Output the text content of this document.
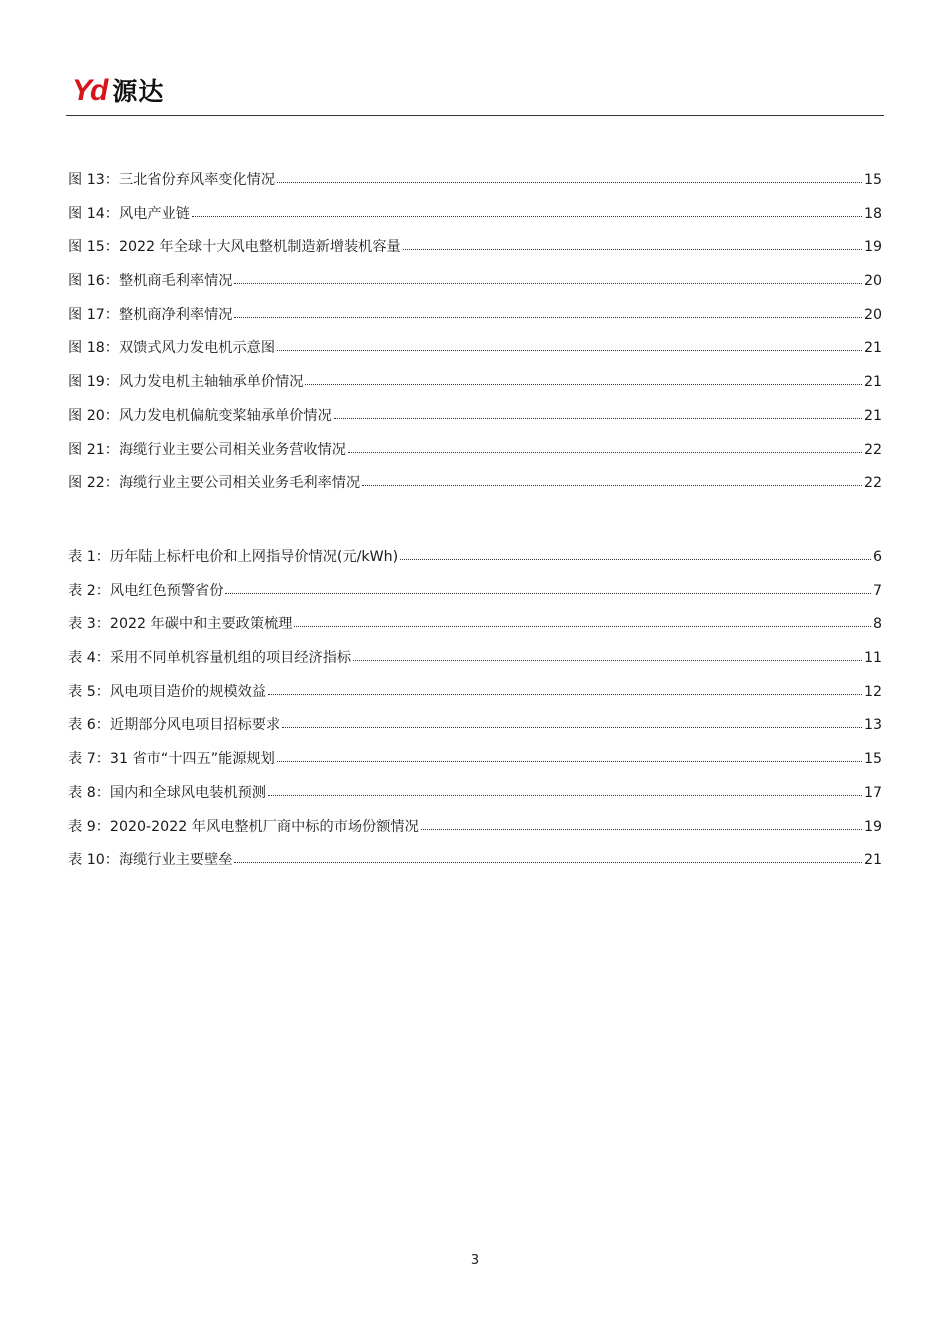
Yd 源达
图 13：三北省份弃风率变化情况	15
图 14：风电产业链	18
图 15：2022 年全球十大风电整机制造新增装机容量	19
图 16：整机商毛利率情况	20
图 17：整机商净利率情况	20
图 18：双馈式风力发电机示意图	21
图 19：风力发电机主轴轴承单价情况	21
图 20：风力发电机偏航变桨轴承单价情况	21
图 21：海缆行业主要公司相关业务营收情况	22
图 22：海缆行业主要公司相关业务毛利率情况	22
表 1：历年陆上标杆电价和上网指导价情况(元/kWh)	6
表 2：风电红色预警省份	7
表 3：2022 年碳中和主要政策梳理	8
表 4：采用不同单机容量机组的项目经济指标	11
表 5：风电项目造价的规模效益	12
表 6：近期部分风电项目招标要求	13
表 7：31 省市“十四五”能源规划	15
表 8：国内和全球风电装机预测	17
表 9：2020-2022 年风电整机厂商中标的市场份额情况	19
表 10：海缆行业主要壁垒	21
3
